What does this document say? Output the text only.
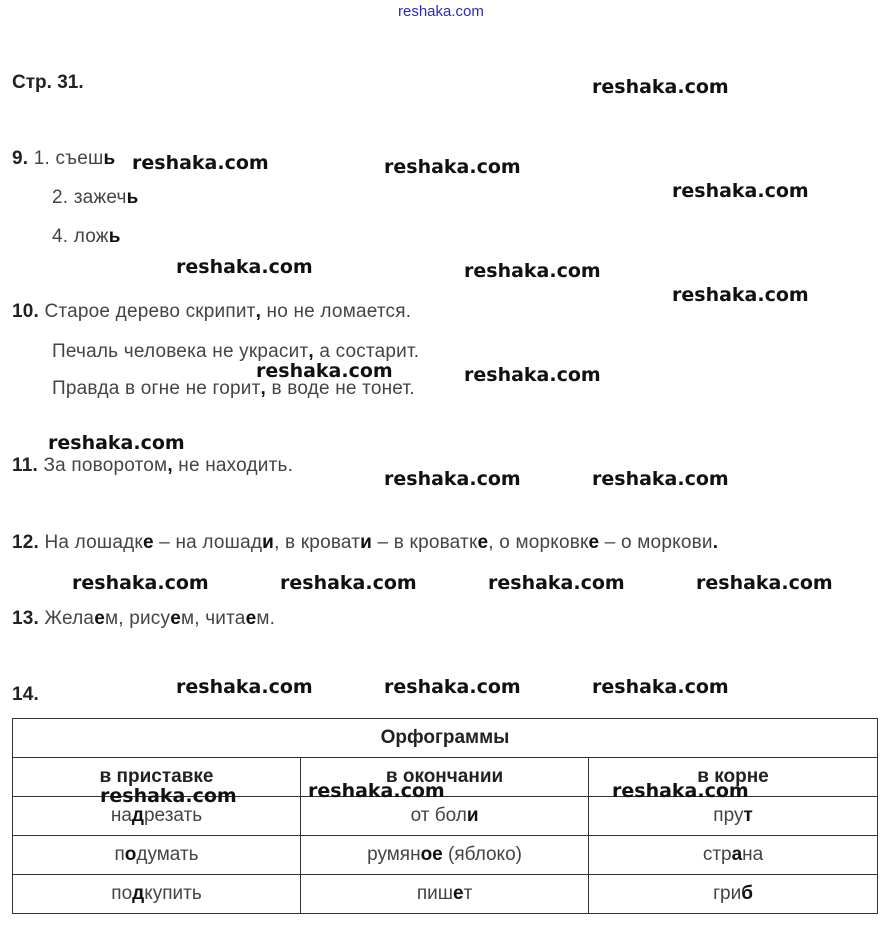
reshaka.com
Стр. 31.
9. 1. съешь
2. зажечь
4. ложь
10. Старое дерево скрипит, но не ломается.
Печаль человека не украсит, а состарит.
Правда в огне не горит, в воде не тонет.
11. За поворотом, не находить.
12. На лошадке – на лошади, в кровати – в кроватке, о морковке – о моркови.
13. Желаем, рисуем, читаем.
14.
Орфограммы		
в приставке	в окончании	в корне
надрезать	от боли	прут
подумать	румяное (яблоко)	страна
подкупить	пишет	гриб
reshaka.com
reshaka.com	reshaka.com
reshaka.com
reshaka.com	reshaka.com
reshaka.com
reshaka.com	reshaka.com
reshaka.com
reshaka.com	reshaka.com
reshaka.com	reshaka.com	reshaka.com	reshaka.com
reshaka.com	reshaka.com	reshaka.com
reshaka.com	reshaka.com	reshaka.com
